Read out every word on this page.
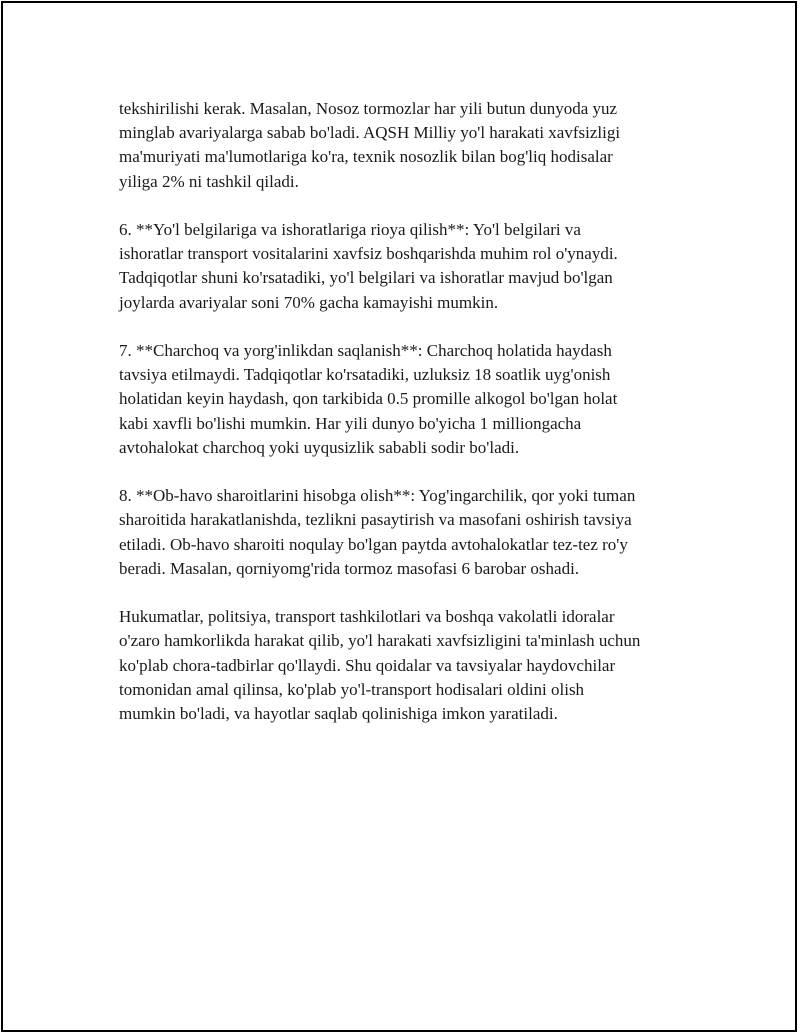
tekshirilishi kerak. Masalan, Nosoz tormozlar har yili butun dunyoda yuz
minglab avariyalarga sabab bo'ladi. AQSH Milliy yo'l harakati xavfsizligi
ma'muriyati ma'lumotlariga ko'ra, texnik nosozlik bilan bog'liq hodisalar
yiliga 2% ni tashkil qiladi.

6. **Yo'l belgilariga va ishoratlariga rioya qilish**: Yo'l belgilari va
ishoratlar transport vositalarini xavfsiz boshqarishda muhim rol o'ynaydi.
Tadqiqotlar shuni ko'rsatadiki, yo'l belgilari va ishoratlar mavjud bo'lgan
joylarda avariyalar soni 70% gacha kamayishi mumkin.

7. **Charchoq va yorg'inlikdan saqlanish**: Charchoq holatida haydash
tavsiya etilmaydi. Tadqiqotlar ko'rsatadiki, uzluksiz 18 soatlik uyg'onish
holatidan keyin haydash, qon tarkibida 0.5 promille alkogol bo'lgan holat
kabi xavfli bo'lishi mumkin. Har yili dunyo bo'yicha 1 milliongacha
avtohalokat charchoq yoki uyqusizlik sababli sodir bo'ladi.

8. **Ob-havo sharoitlarini hisobga olish**: Yog'ingarchilik, qor yoki tuman
sharoitida harakatlanishda, tezlikni pasaytirish va masofani oshirish tavsiya
etiladi. Ob-havo sharoiti noqulay bo'lgan paytda avtohalokatlar tez-tez ro'y
beradi. Masalan, qorniyomg'rida tormoz masofasi 6 barobar oshadi.

Hukumatlar, politsiya, transport tashkilotlari va boshqa vakolatli idoralar
o'zaro hamkorlikda harakat qilib, yo'l harakati xavfsizligini ta'minlash uchun
ko'plab chora-tadbirlar qo'llaydi. Shu qoidalar va tavsiyalar haydovchilar
tomonidan amal qilinsa, ko'plab yo'l-transport hodisalari oldini olish
mumkin bo'ladi, va hayotlar saqlab qolinishiga imkon yaratiladi.
